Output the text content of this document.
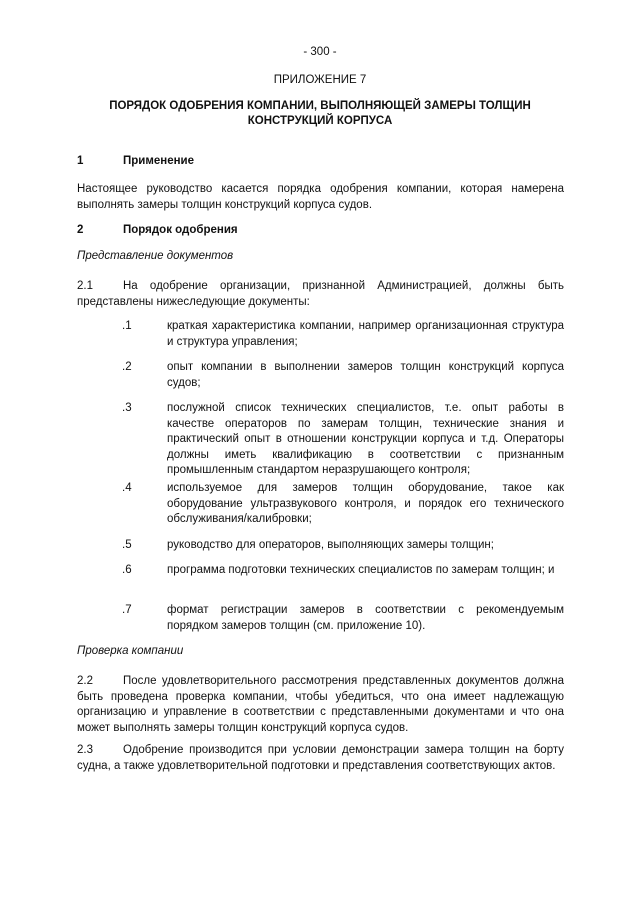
- 300 -
ПРИЛОЖЕНИЕ 7
ПОРЯДОК ОДОБРЕНИЯ КОМПАНИИ, ВЫПОЛНЯЮЩЕЙ ЗАМЕРЫ ТОЛЩИН
КОНСТРУКЦИЙ КОРПУСА
1	Применение
Настоящее руководство касается порядка одобрения компании, которая намерена выполнять замеры толщин конструкций корпуса судов.
2	Порядок одобрения
Представление документов
2.1	На одобрение организации, признанной Администрацией, должны быть представлены нижеследующие документы:
.1	краткая характеристика компании, например организационная структура и структура управления;
.2	опыт компании в выполнении замеров толщин конструкций корпуса судов;
.3	послужной список технических специалистов, т.е. опыт работы в качестве операторов по замерам толщин, технические знания и практический опыт в отношении конструкции корпуса и т.д. Операторы должны иметь квалификацию в соответствии с признанным промышленным стандартом неразрушающего контроля;
.4	используемое для замеров толщин оборудование, такое как оборудование ультразвукового контроля, и порядок его технического обслуживания/калибровки;
.5	руководство для операторов, выполняющих замеры толщин;
.6	программа подготовки технических специалистов по замерам толщин; и
.7	формат регистрации замеров в соответствии с рекомендуемым порядком замеров толщин (см. приложение 10).
Проверка компании
2.2	После удовлетворительного рассмотрения представленных документов должна быть проведена проверка компании, чтобы убедиться, что она имеет надлежащую организацию и управление в соответствии с представленными документами и что она может выполнять замеры толщин конструкций корпуса судов.
2.3	Одобрение производится при условии демонстрации замера толщин на борту судна, а также удовлетворительной подготовки и представления соответствующих актов.
